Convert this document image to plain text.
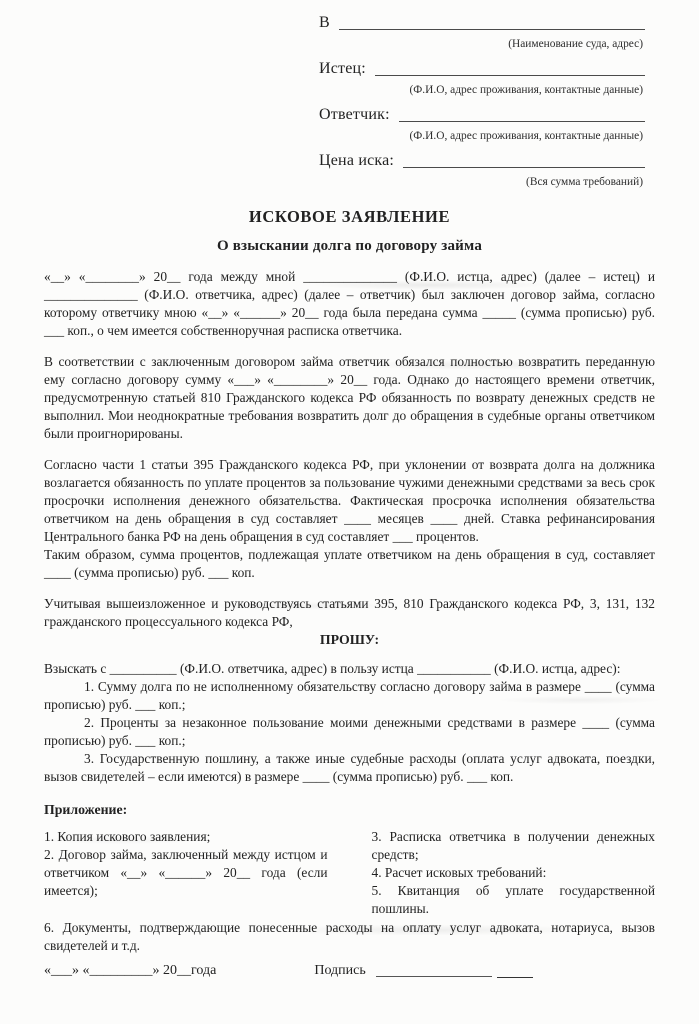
В
(Наименование суда, адрес)
Истец:
(Ф.И.О, адрес проживания, контактные данные)
Ответчик:
(Ф.И.О, адрес проживания, контактные данные)
Цена иска:
(Вся сумма требований)
ИСКОВОЕ ЗАЯВЛЕНИЕ
О взыскании долга по договору займа

«__» «________» 20__ года между мной ______________ (Ф.И.О. истца, адрес) (далее – истец) и ______________ (Ф.И.О. ответчика, адрес) (далее – ответчик) был заключен договор займа, согласно которому ответчику мною «__» «______» 20__ года была передана сумма _____ (сумма прописью) руб. ___ коп., о чем имеется собственноручная расписка ответчика.

В соответствии с заключенным договором займа ответчик обязался полностью возвратить переданную ему согласно договору сумму «___» «________» 20__ года. Однако до настоящего времени ответчик, предусмотренную статьей 810 Гражданского кодекса РФ обязанность по возврату денежных средств не выполнил. Мои неоднократные требования возвратить долг до обращения в судебные органы ответчиком были проигнорированы.

Согласно части 1 статьи 395 Гражданского кодекса РФ, при уклонении от возврата долга на должника возлагается обязанность по уплате процентов за пользование чужими денежными средствами за весь срок просрочки исполнения денежного обязательства. Фактическая просрочка исполнения обязательства ответчиком на день обращения в суд составляет ____ месяцев ____ дней. Ставка рефинансирования Центрального банка РФ на день обращения в суд составляет ___ процентов.

Таким образом, сумма процентов, подлежащая уплате ответчиком на день обращения в суд, составляет ____ (сумма прописью) руб. ___ коп.

Учитывая вышеизложенное и руководствуясь статьями 395, 810 Гражданского кодекса РФ, 3, 131, 132 гражданского процессуального кодекса РФ,

ПРОШУ:

Взыскать с __________ (Ф.И.О. ответчика, адрес) в пользу истца ___________ (Ф.И.О. истца, адрес):

1. Сумму долга по не исполненному обязательству согласно договору займа в размере ____ (сумма прописью) руб. ___ коп.;
2. Проценты за незаконное пользование моими денежными средствами в размере ____ (сумма прописью) руб. ___ коп.;
3. Государственную пошлину, а также иные судебные расходы (оплата услуг адвоката, поездки, вызов свидетелей – если имеются) в размере ____ (сумма прописью) руб. ___ коп.
Приложение:
1. Копия искового заявления;
2. Договор займа, заключенный между истцом и ответчиком «__» «______» 20__ года (если имеется);
3. Расписка ответчика в получении денежных средств;
4. Расчет исковых требований:
5. Квитанция об уплате государственной пошлины.
6. Документы, подтверждающие понесенные расходы на оплату услуг адвоката, нотариуса, вызов свидетелей и т.д.
«___» «_________» 20__года	Подпись
